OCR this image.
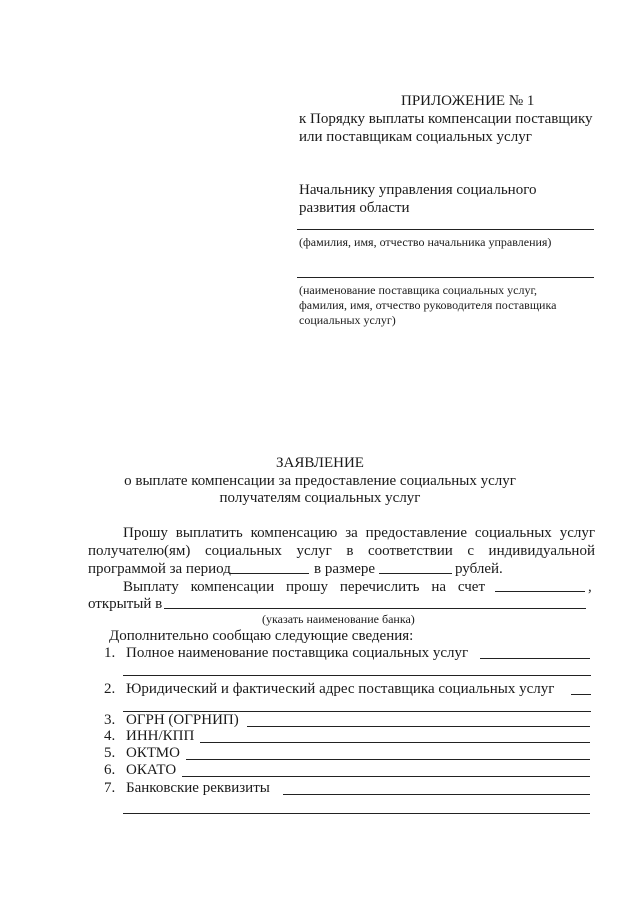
ПРИЛОЖЕНИЕ № 1
к Порядку выплаты компенсации поставщику
или поставщикам социальных услуг
Начальнику управления социального
развития области
(фамилия, имя, отчество начальника управления)
(наименование поставщика социальных услуг,
фамилия, имя, отчество руководителя поставщика
социальных услуг)
ЗАЯВЛЕНИЕ
о выплате компенсации за предоставление социальных услуг
получателям социальных услуг
Прошу выплатить компенсацию за предоставление социальных услуг
получателю(ям) социальных услуг в соответствии с индивидуальной
программой за период	в размере	рублей.
Выплату компенсации прошу перечислить на счет	,
открытый в
(указать наименование банка)
Дополнительно сообщаю следующие сведения:
1. Полное наименование поставщика социальных услуг
2. Юридический и фактический адрес поставщика социальных услуг
3. ОГРН (ОГРНИП)
4. ИНН/КПП
5. ОКТМО
6. ОКАТО
7. Банковские реквизиты
